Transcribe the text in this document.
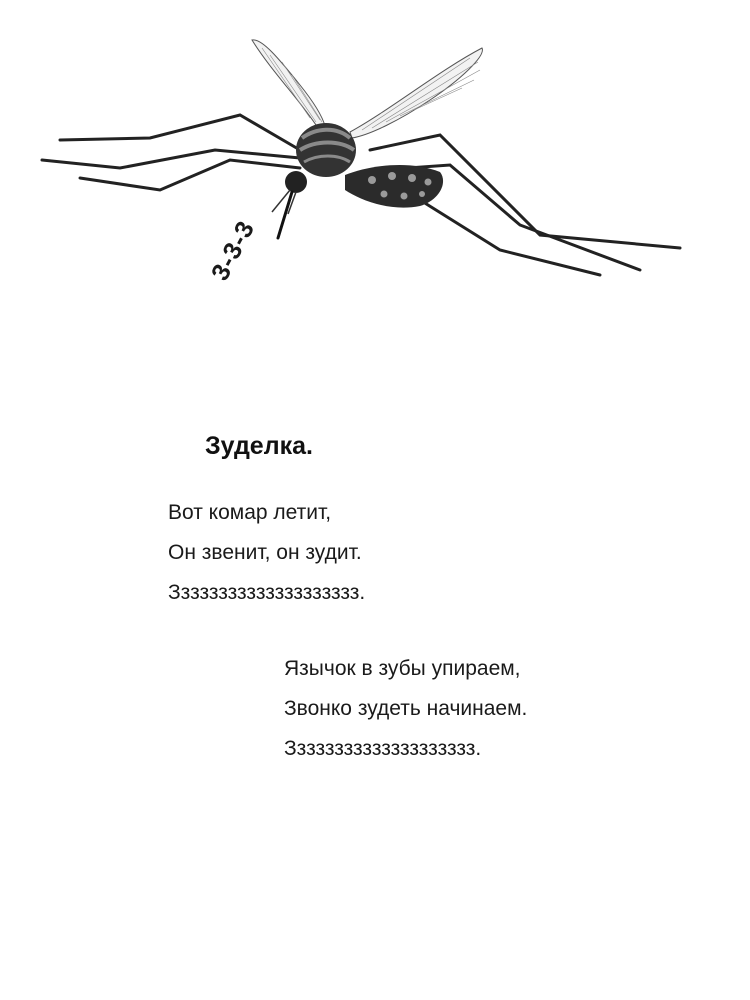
3-3-3
Зуделка.
Вот комар летит,
Он звенит, он зудит.
Зззззззззззззззззззз.
Язычок в зубы упираем,
Звонко зудеть начинаем.
Зззззззззззззззззззз.
